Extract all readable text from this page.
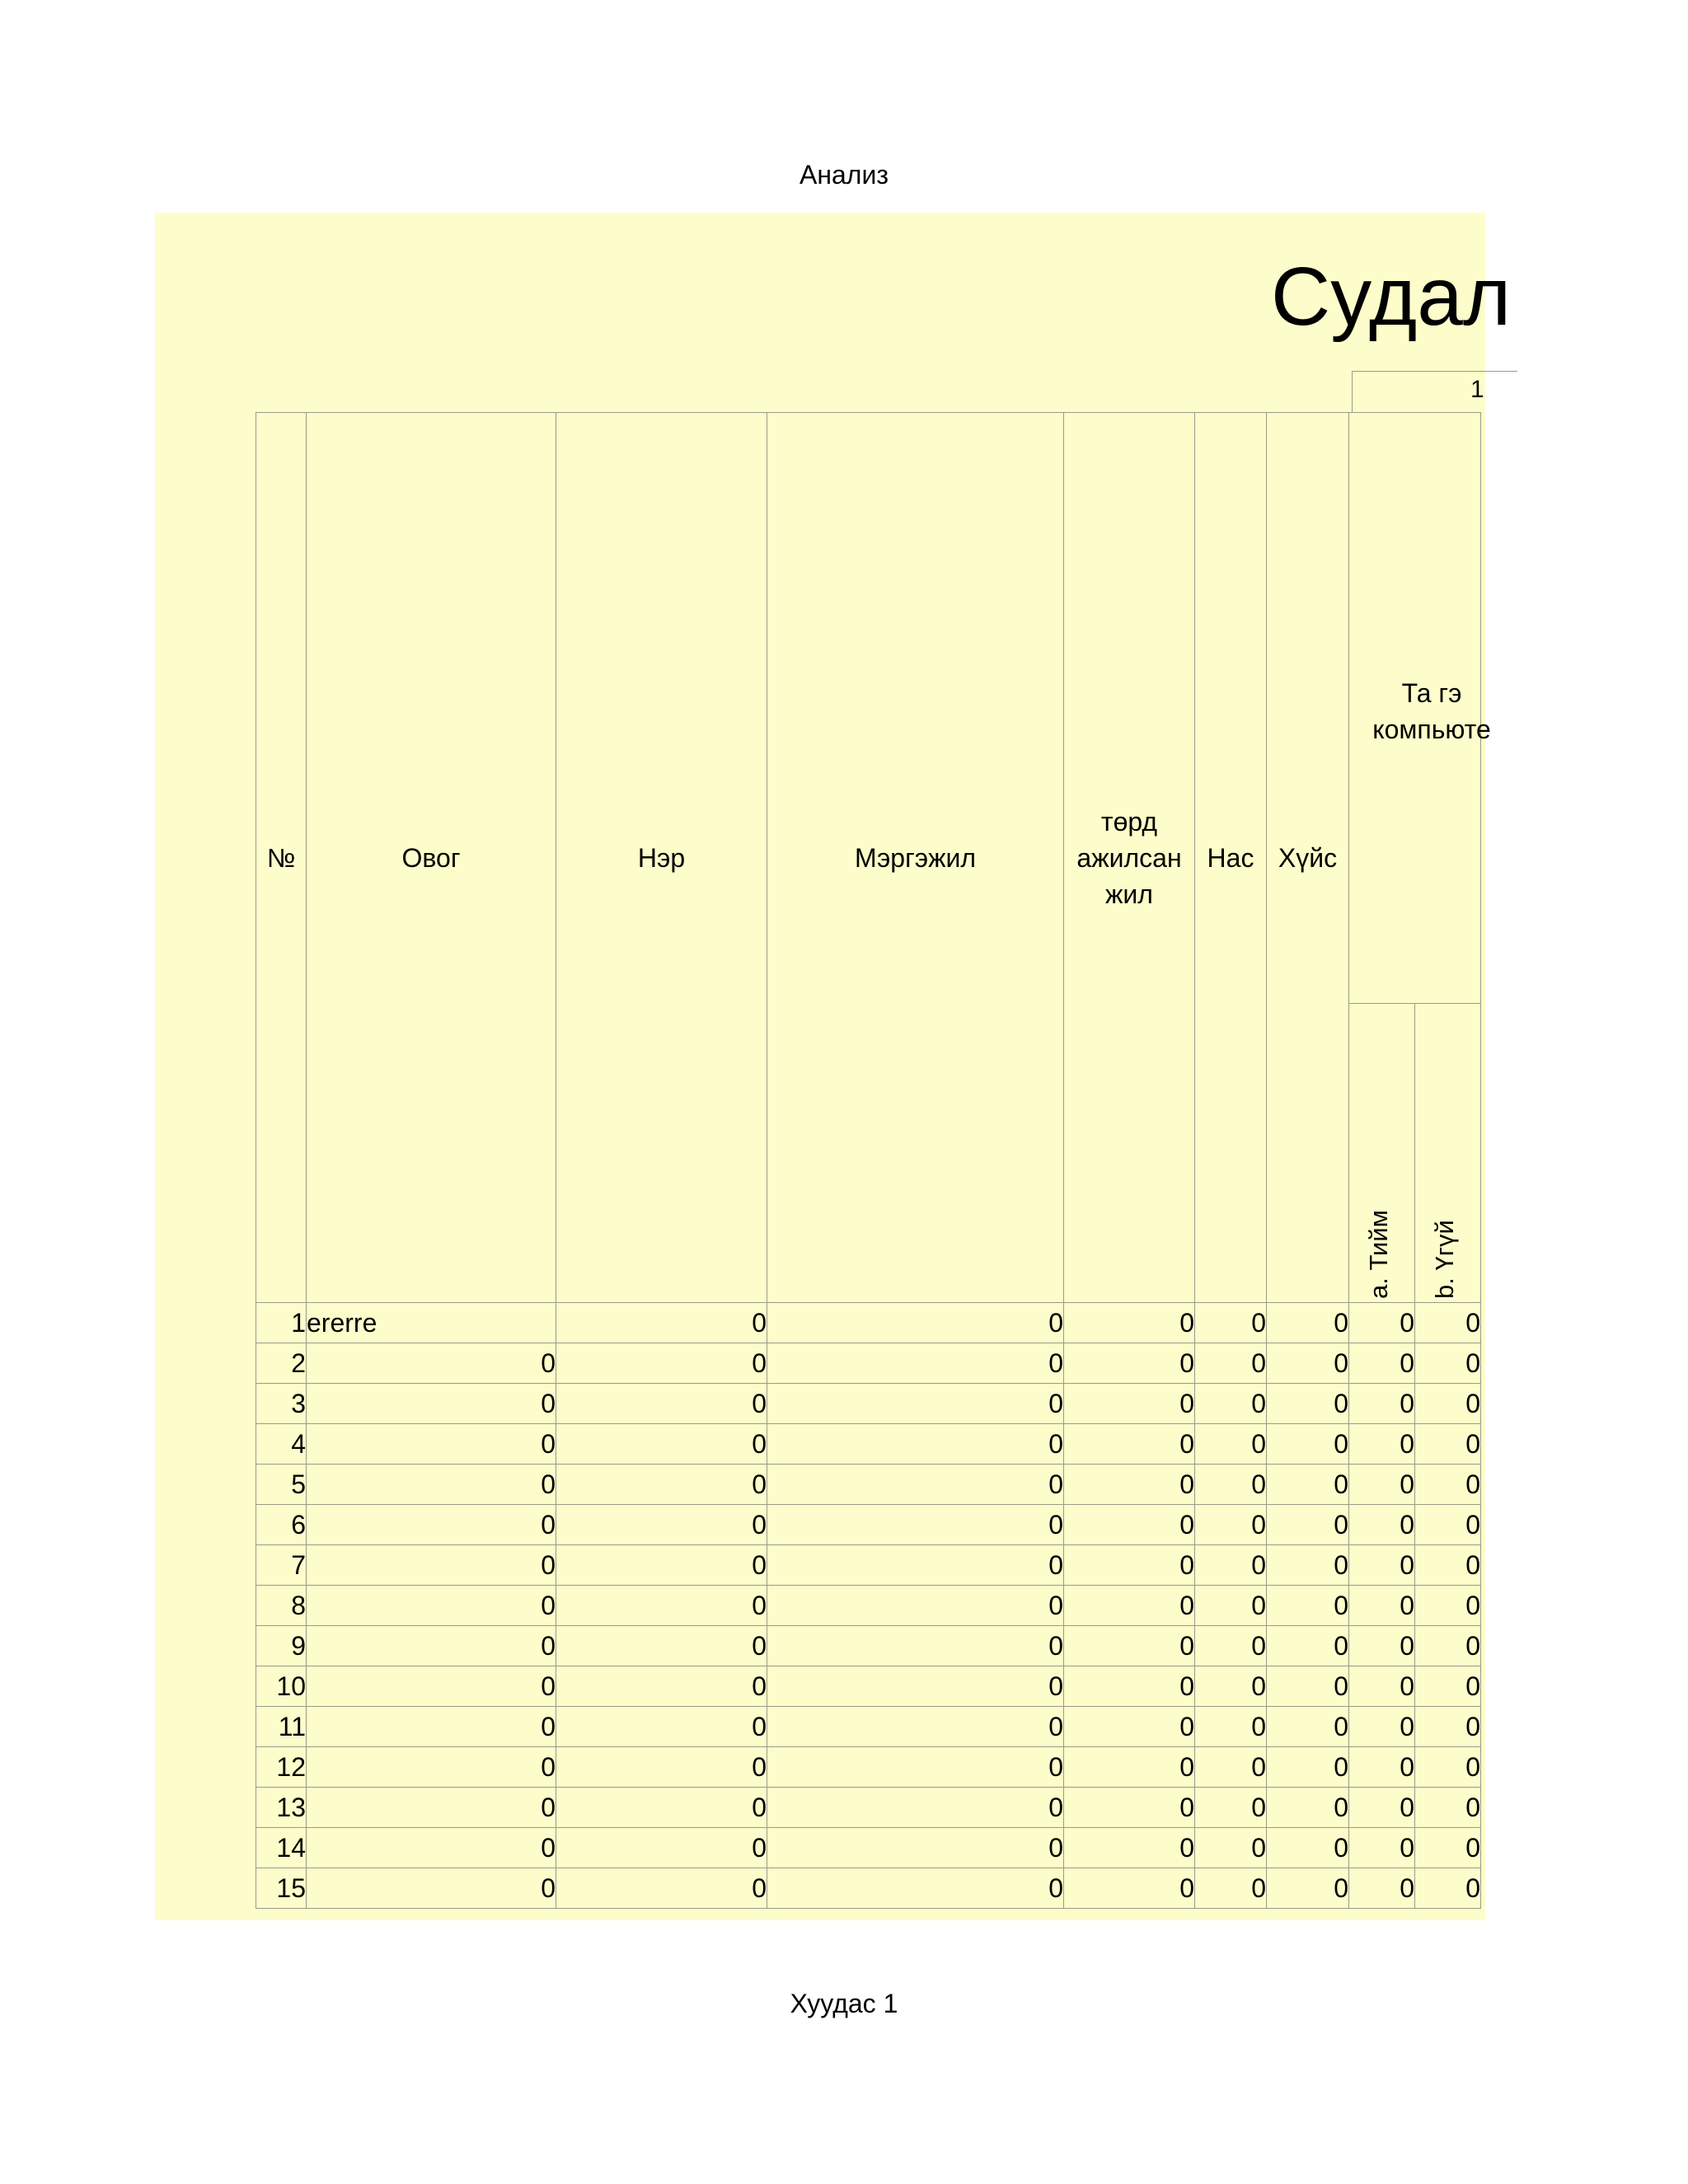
Анализ
Судал
1
№	Овог	Нэр	Мэргэжил	төрд
ажилсан
жил	Нас	Хүйс	Та гэ
компьюте	

							a. Тийм	b. Үгүй

1	ererre	0	0	0	0	0	0	0
2	0	0	0	0	0	0	0	0
3	0	0	0	0	0	0	0	0
4	0	0	0	0	0	0	0	0
5	0	0	0	0	0	0	0	0
6	0	0	0	0	0	0	0	0
7	0	0	0	0	0	0	0	0
8	0	0	0	0	0	0	0	0
9	0	0	0	0	0	0	0	0
10	0	0	0	0	0	0	0	0
11	0	0	0	0	0	0	0	0
12	0	0	0	0	0	0	0	0
13	0	0	0	0	0	0	0	0
14	0	0	0	0	0	0	0	0
15	0	0	0	0	0	0	0	0
Хуудас 1
